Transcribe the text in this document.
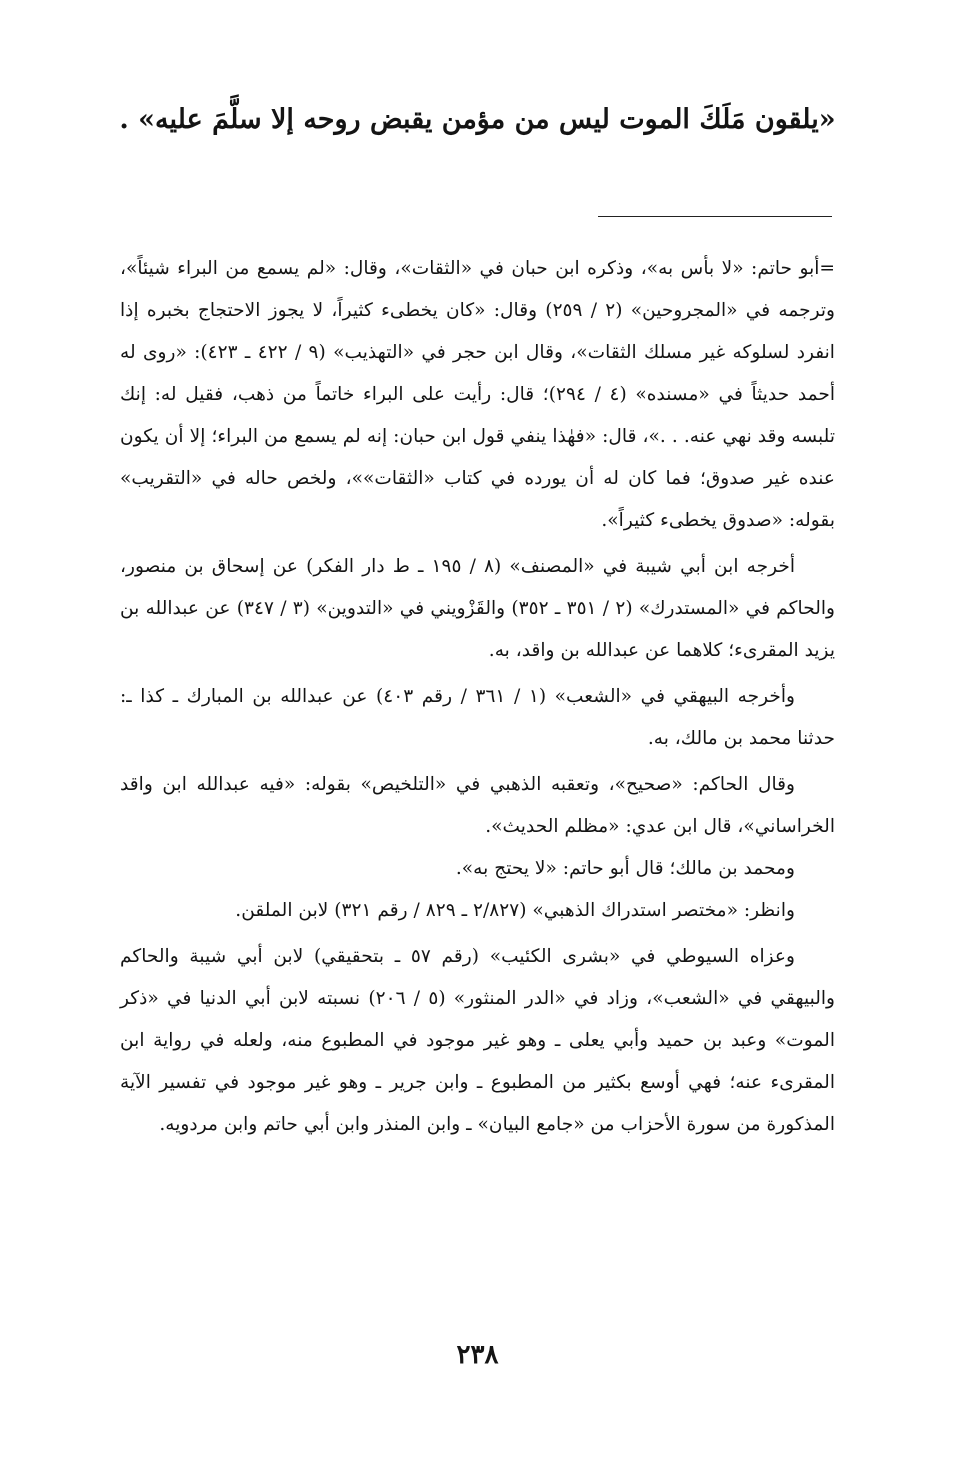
«يلقون مَلَكَ الموت ليس من مؤمن يقبض روحه إلا سلَّمَ عليه» .

=أبو حاتم: «لا بأس به»، وذكره ابن حبان في «الثقات»، وقال: «لم يسمع من البراء شيئاً»، وترجمه في «المجروحين» (٢ / ٢٥٩) وقال: «كان يخطىء كثيراً، لا يجوز الاحتجاج بخبره إذا انفرد لسلوكه غير مسلك الثقات»، وقال ابن حجر في «التهذيب» (٩ / ٤٢٢ ـ ٤٢٣): «روى له أحمد حديثاً في «مسنده» (٤ / ٢٩٤)؛ قال: رأيت على البراء خاتماً من ذهب، فقيل له: إنك تلبسه وقد نهي عنه. . .»، قال: «فهٰذا ينفي قول ابن حبان: إنه لم يسمع من البراء؛ إلا أن يكون عنده غير صدوق؛ فما كان له أن يورده في كتاب «الثقات»»، ولخص حاله في «التقريب» بقوله: «صدوق يخطىء كثيراً».

أخرجه ابن أبي شيبة في «المصنف» (٨ / ١٩٥ ـ ط دار الفكر) عن إسحاق بن منصور، والحاكم في «المستدرك» (٢ / ٣٥١ ـ ٣٥٢) والقَزْويني في «التدوين» (٣ / ٣٤٧) عن عبدالله بن يزيد المقرىء؛ كلاهما عن عبدالله بن واقد، به.

وأخرجه البيهقي في «الشعب» (١ / ٣٦١ / رقم ٤٠٣) عن عبدالله بن المبارك ـ كذا ـ: حدثنا محمد بن مالك، به.

وقال الحاكم: «صحيح»، وتعقبه الذهبي في «التلخيص» بقوله: «فيه عبدالله ابن واقد الخراساني»، قال ابن عدي: «مظلم الحديث».

ومحمد بن مالك؛ قال أبو حاتم: «لا يحتج به».

وانظر: «مختصر استدراك الذهبي» (٢/٨٢٧ ـ ٨٢٩ / رقم ٣٢١) لابن الملقن.

وعزاه السيوطي في «بشرى الكئيب» (رقم ٥٧ ـ بتحقيقي) لابن أبي شيبة والحاكم والبيهقي في «الشعب»، وزاد في «الدر المنثور» (٥ / ٢٠٦) نسبته لابن أبي الدنيا في «ذكر الموت» وعبد بن حميد وأبي يعلى ـ وهو غير موجود في المطبوع منه، ولعله في رواية ابن المقرىء عنه؛ فهي أوسع بكثير من المطبوع ـ وابن جرير ـ وهو غير موجود في تفسير الآية المذكورة من سورة الأحزاب من «جامع البيان» ـ وابن المنذر وابن أبي حاتم وابن مردويه.

٢٣٨
